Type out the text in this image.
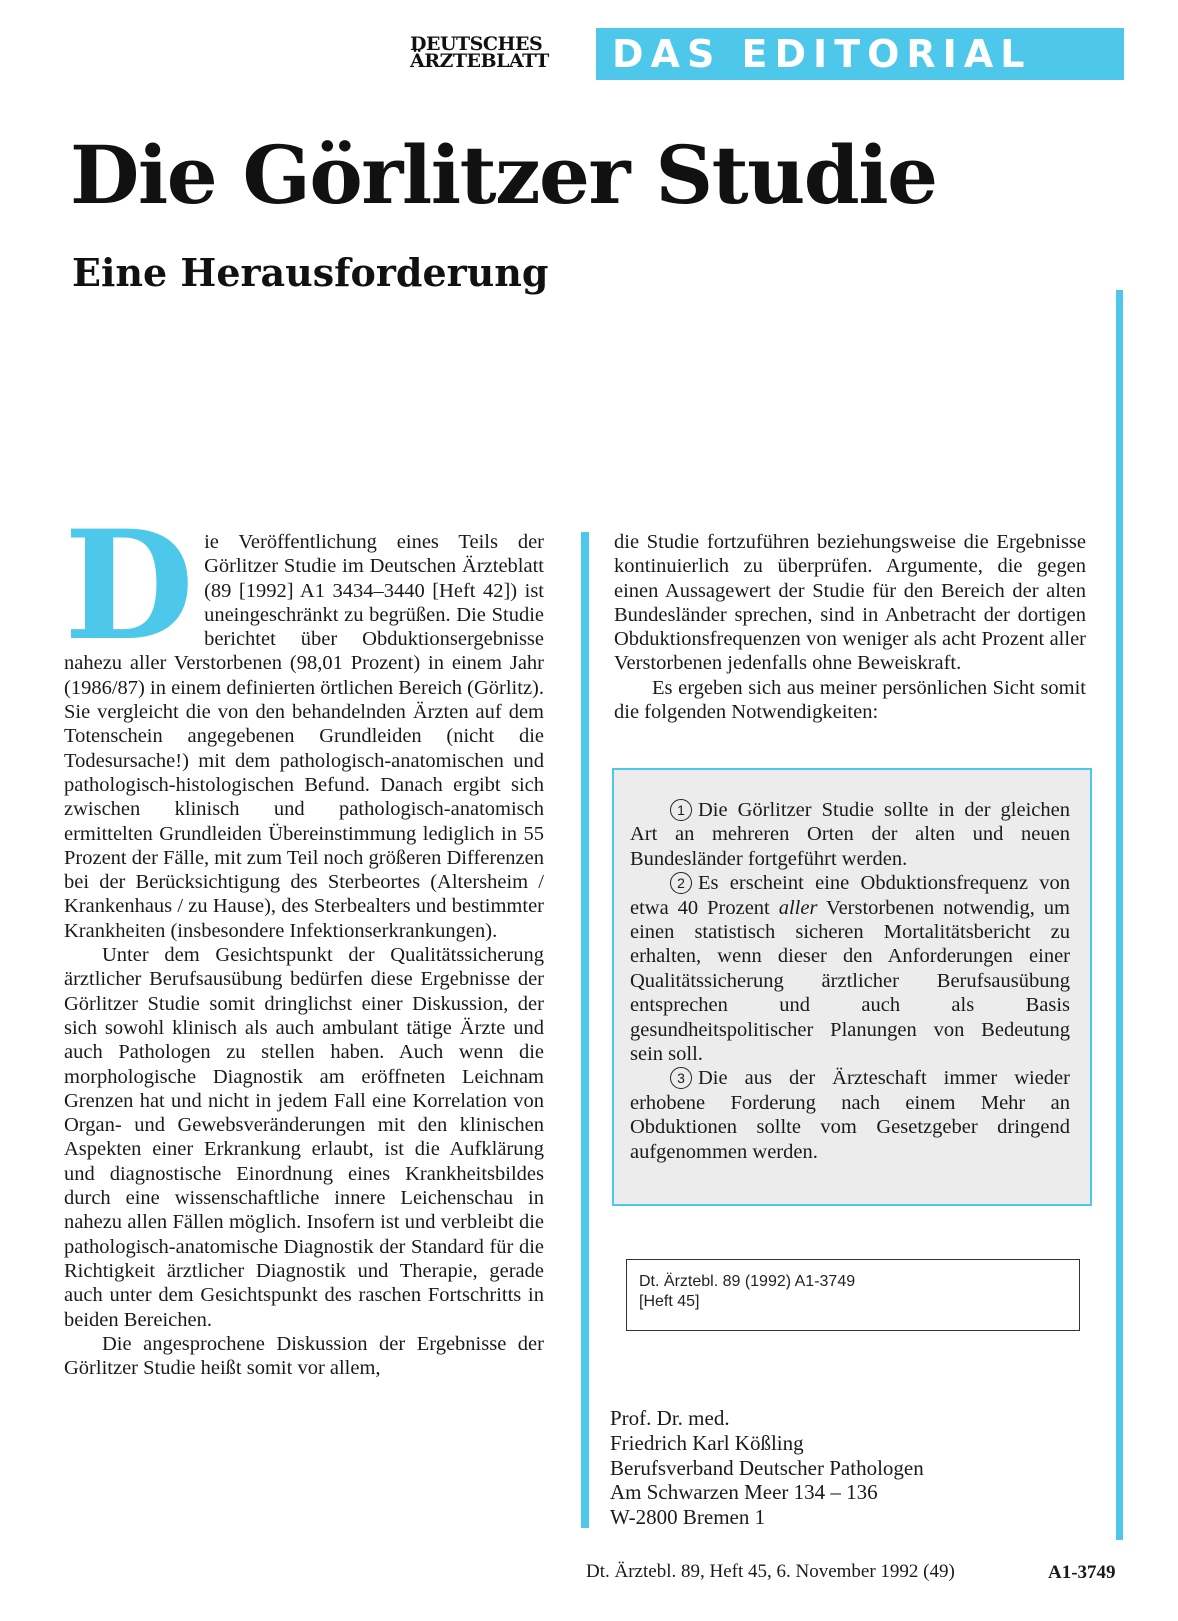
DEUTSCHES
ÄRZTEBLATT DAS EDITORIAL
Die Görlitzer Studie
Eine Herausforderung

Die Veröffentlichung eines Teils der Görlitzer Studie im Deutschen Ärzteblatt (89 [1992] A1 3434–3440 [Heft 42]) ist uneingeschränkt zu begrüßen. Die Studie berichtet über Obduktionsergebnisse nahezu aller Verstorbenen (98,01 Prozent) in einem Jahr (1986/87) in einem definierten örtlichen Bereich (Görlitz). Sie vergleicht die von den behandelnden Ärzten auf dem Totenschein angegebenen Grundleiden (nicht die Todesursache!) mit dem pathologisch-anatomischen und pathologisch-histologischen Befund. Danach ergibt sich zwischen klinisch und pathologisch-anatomisch ermittelten Grundleiden Übereinstimmung lediglich in 55 Prozent der Fälle, mit zum Teil noch größeren Differenzen bei der Berücksichtigung des Sterbeortes (Altersheim / Krankenhaus / zu Hause), des Sterbealters und bestimmter Krankheiten (insbesondere Infektionserkrankungen).

Unter dem Gesichtspunkt der Qualitätssicherung ärztlicher Berufsausübung bedürfen diese Ergebnisse der Görlitzer Studie somit dringlichst einer Diskussion, der sich sowohl klinisch als auch ambulant tätige Ärzte und auch Pathologen zu stellen haben. Auch wenn die morphologische Diagnostik am eröffneten Leichnam Grenzen hat und nicht in jedem Fall eine Korrelation von Organ- und Gewebsveränderungen mit den klinischen Aspekten einer Erkrankung erlaubt, ist die Aufklärung und diagnostische Einordnung eines Krankheitsbildes durch eine wissenschaftliche innere Leichenschau in nahezu allen Fällen möglich. Insofern ist und verbleibt die pathologisch-anatomische Diagnostik der Standard für die Richtigkeit ärztlicher Diagnostik und Therapie, gerade auch unter dem Gesichtspunkt des raschen Fortschritts in beiden Bereichen.

Die angesprochene Diskussion der Ergebnisse der Görlitzer Studie heißt somit vor allem,

die Studie fortzuführen beziehungsweise die Ergebnisse kontinuierlich zu überprüfen. Argumente, die gegen einen Aussagewert der Studie für den Bereich der alten Bundesländer sprechen, sind in Anbetracht der dortigen Obduktionsfrequenzen von weniger als acht Prozent aller Verstorbenen jedenfalls ohne Beweiskraft.

Es ergeben sich aus meiner persönlichen Sicht somit die folgenden Notwendigkeiten:

1 Die Görlitzer Studie sollte in der gleichen Art an mehreren Orten der alten und neuen Bundesländer fortgeführt werden.

2 Es erscheint eine Obduktionsfrequenz von etwa 40 Prozent aller Verstorbenen notwendig, um einen statistisch sicheren Mortalitätsbericht zu erhalten, wenn dieser den Anforderungen einer Qualitätssicherung ärztlicher Berufsausübung entsprechen und auch als Basis gesundheitspolitischer Planungen von Bedeutung sein soll.

3 Die aus der Ärzteschaft immer wieder erhobene Forderung nach einem Mehr an Obduktionen sollte vom Gesetzgeber dringend aufgenommen werden.

Dt. Ärztebl. 89 (1992) A1-3749
[Heft 45]
Prof. Dr. med.
Friedrich Karl Kößling
Berufsverband Deutscher Pathologen
Am Schwarzen Meer 134 – 136
W-2800 Bremen 1
Dt. Ärztebl. 89, Heft 45, 6. November 1992 (49)	A1-3749
